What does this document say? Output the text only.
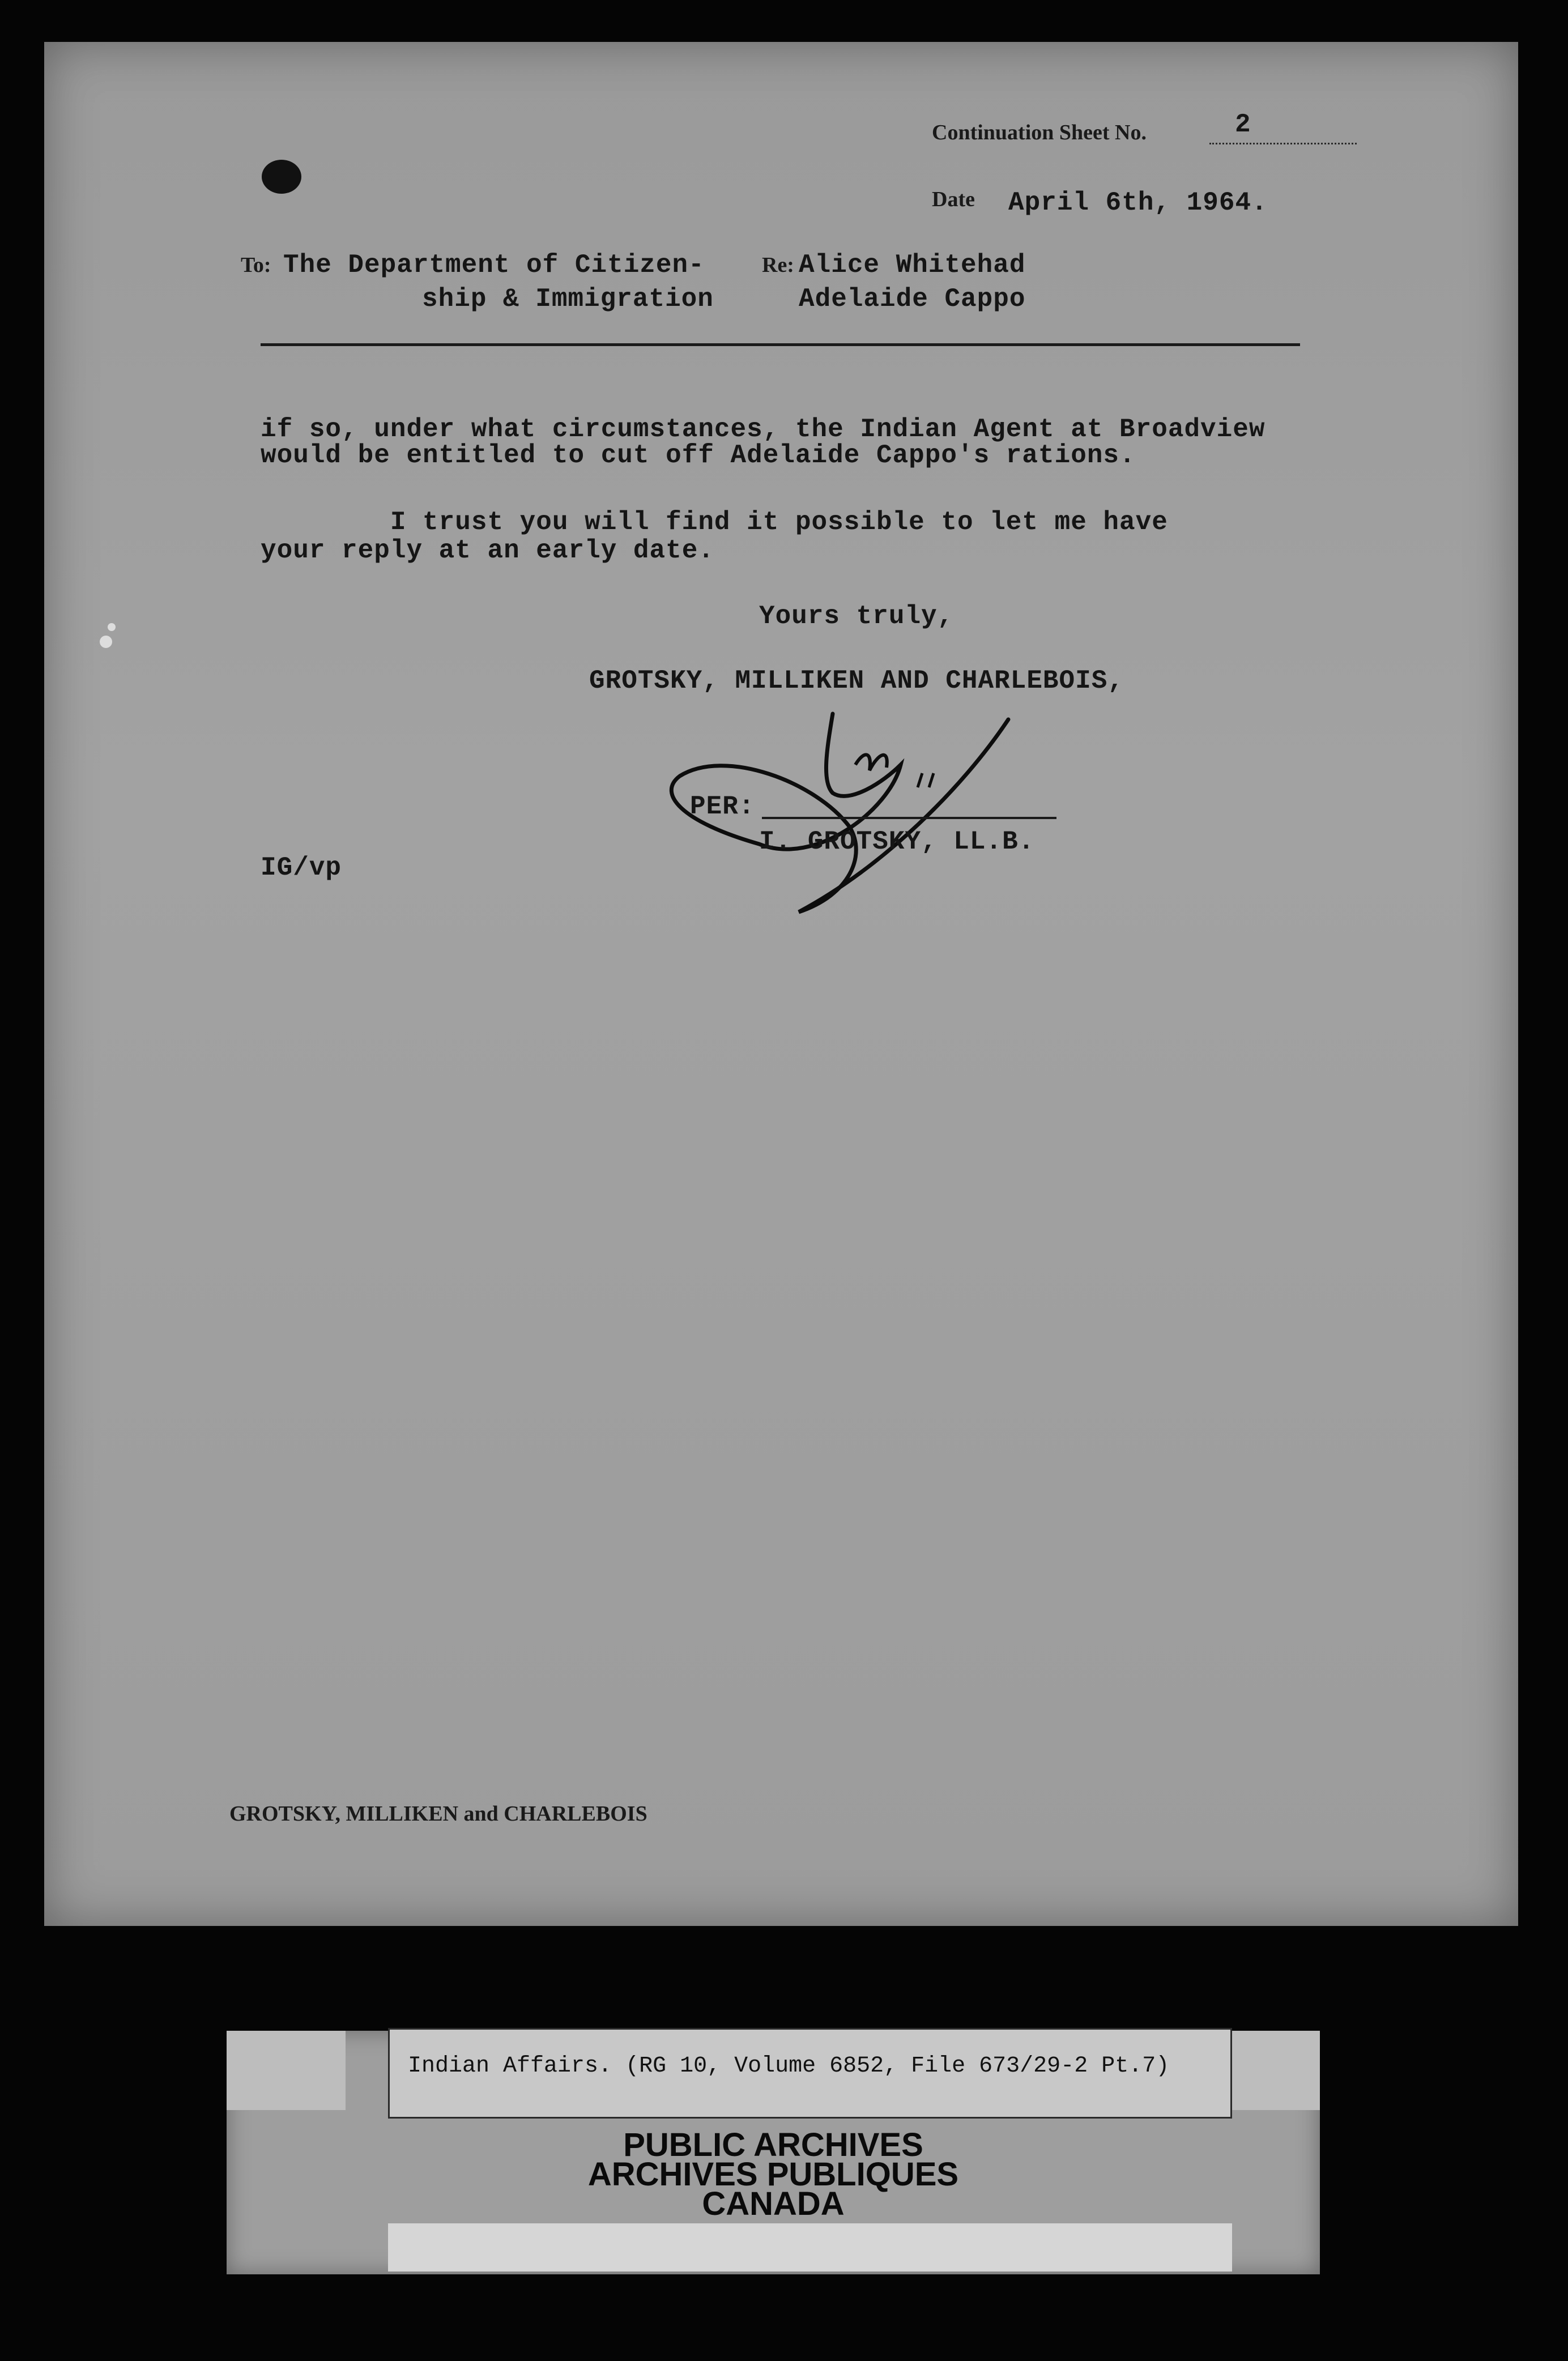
Continuation Sheet No.	2
Date April 6th, 1964.
To: The Department of Citizen-
ship & Immigration
Re: Alice Whitehad
Adelaide Cappo
if so, under what circumstances, the Indian Agent at Broadview
would be entitled to cut off Adelaide Cappo's rations.
I trust you will find it possible to let me have
your reply at an early date.
Yours truly,
GROTSKY, MILLIKEN AND CHARLEBOIS,
PER:
I. GROTSKY, LL.B.
IG/vp
GROTSKY, MILLIKEN and CHARLEBOIS
Indian Affairs. (RG 10, Volume 6852, File 673/29-2 Pt.7)
PUBLIC ARCHIVES
ARCHIVES PUBLIQUES
CANADA
